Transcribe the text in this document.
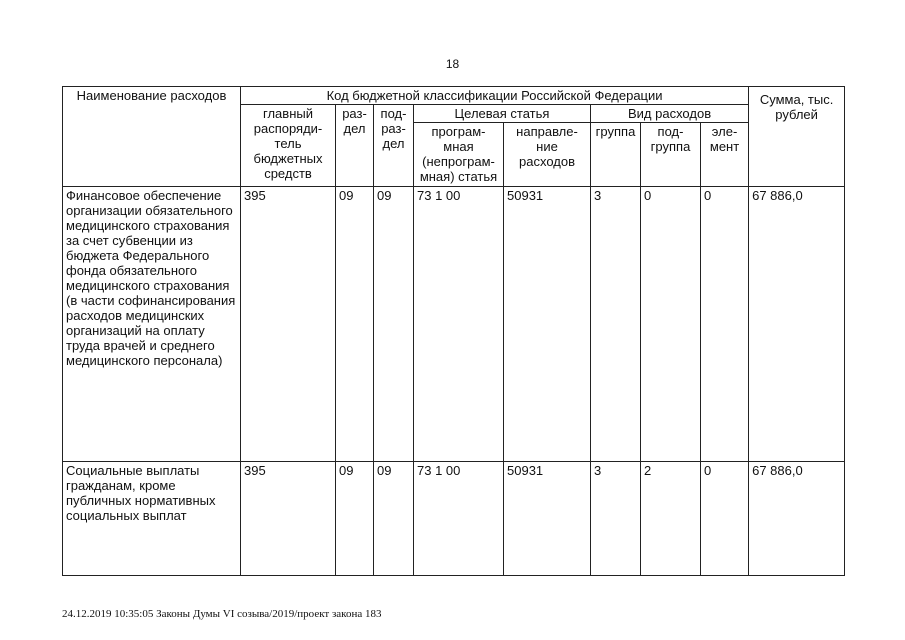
18
Наименование расходов	Код бюджетной классификации Российской Федерации								Сумма, тыс. рублей
	главный распоряди-тель бюджетных средств	раз-дел	под-раз-дел	Целевая статья		Вид расходов			
				програм-мная (непрограм-мная) статья	направле-ние расходов	группа	под-группа	эле-мент	
Финансовое обеспечение организации обязательного медицинского страхования за счет субвенции из бюджета Федерального фонда обязательного медицинского страхования (в части софинансирования расходов медицинских организаций на оплату труда врачей и среднего медицинского персонала)	395	09	09	73 1 00	50931	3	0	0	67 886,0
Социальные выплаты гражданам, кроме публичных нормативных социальных выплат	395	09	09	73 1 00	50931	3	2	0	67 886,0
24.12.2019 10:35:05 Законы Думы VI созыва/2019/проект закона 183
